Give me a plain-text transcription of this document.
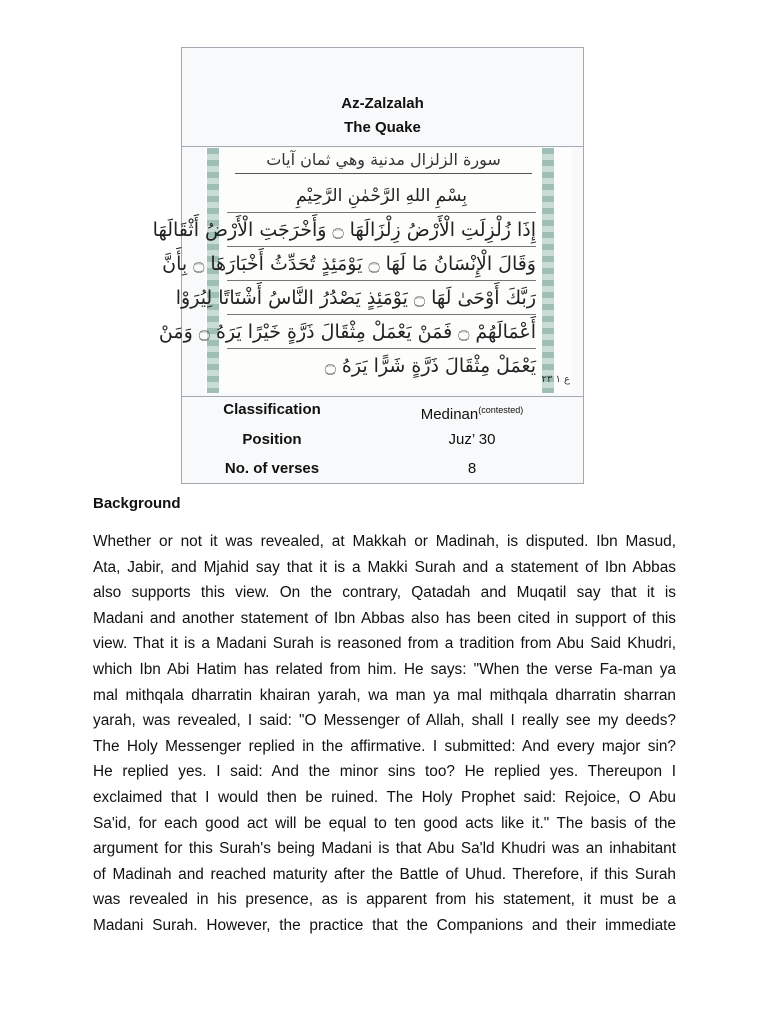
Az-Zalzalah
The Quake
سورة الزلزال مدنية وهي ثمان آيات
بِسْمِ اللهِ الرَّحْمٰنِ الرَّحِيْمِ
إِذَا زُلْزِلَتِ الْأَرْضُ زِلْزَالَهَا ۝ وَأَخْرَجَتِ الْأَرْضُ أَثْقَالَهَا
وَقَالَ الْإِنْسَانُ مَا لَهَا ۝ يَوْمَئِذٍ تُحَدِّثُ أَخْبَارَهَا ۝ بِأَنَّ
رَبَّكَ أَوْحَىٰ لَهَا ۝ يَوْمَئِذٍ يَصْدُرُ النَّاسُ أَشْتَاتًا لِيُرَوْا
أَعْمَالَهُمْ ۝ فَمَنْ يَعْمَلْ مِثْقَالَ ذَرَّةٍ خَيْرًا يَرَهُ ۝ وَمَنْ
يَعْمَلْ مِثْقَالَ ذَرَّةٍ شَرًّا يَرَهُ ۝
ع ١ ٢٣
Classification	Medinan$^{(contested)}$
Position	Juz’ 30
No. of verses	8
Background
Whether or not it was revealed, at Makkah or Madinah, is disputed. Ibn Masud,
Ata, Jabir, and Mjahid say that it is a Makki Surah and a statement of Ibn Abbas
also supports this view. On the contrary, Qatadah and Muqatil say that it is
Madani and another statement of Ibn Abbas also has been cited in support of this
view. That it is a Madani Surah is reasoned from a tradition from Abu Said Khudri,
which Ibn Abi Hatim has related from him. He says: "When the verse Fa-man ya
mal mithqala dharratin khairan yarah, wa man ya mal mithqala dharratin sharran
yarah, was revealed, I said: "O Messenger of Allah, shall I really see my deeds?
The Holy Messenger replied in the affirmative. I submitted: And every major sin?
He replied yes. I said: And the minor sins too? He replied yes. Thereupon I
exclaimed that I would then be ruined. The Holy Prophet said: Rejoice, O Abu
Sa'id, for each good act will be equal to ten good acts like it." The basis of the
argument for this Surah's being Madani is that Abu Sa'ld Khudri was an inhabitant
of Madinah and reached maturity after the Battle of Uhud. Therefore, if this Surah
was revealed in his presence, as is apparent from his statement, it must be a
Madani Surah. However, the practice that the Companions and their immediate
